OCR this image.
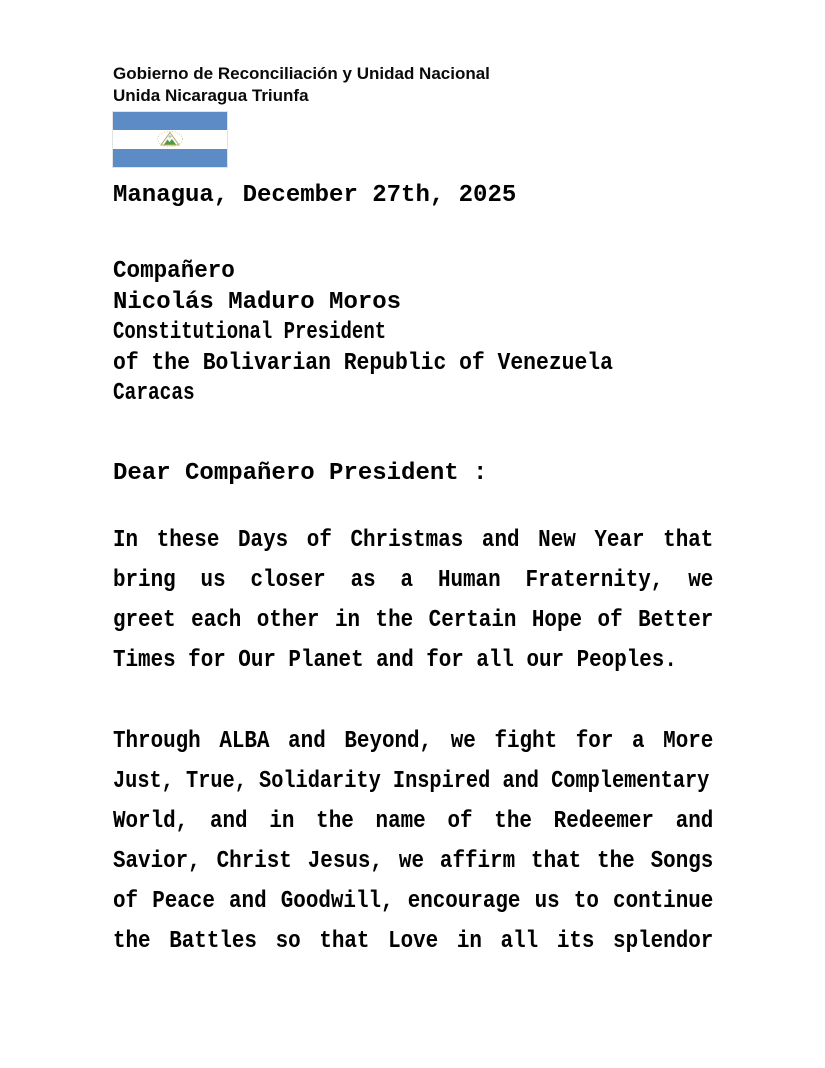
Gobierno de Reconciliación y Unidad Nacional
Unida Nicaragua Triunfa
Managua, December 27th, 2025
Compañero
Nicolás Maduro Moros
Constitutional President
of the Bolivarian Republic of Venezuela
Caracas
Dear Compañero President :
In these Days of Christmas and New Year that
bring us closer as a Human Fraternity, we
greet each other in the Certain Hope of Better
Times for Our Planet and for all our Peoples.
Through ALBA and Beyond, we fight for a More
Just, True, Solidarity Inspired and Complementary
World, and in the name of the Redeemer and
Savior, Christ Jesus, we affirm that the Songs
of Peace and Goodwill, encourage us to continue
the Battles so that Love in all its splendor
